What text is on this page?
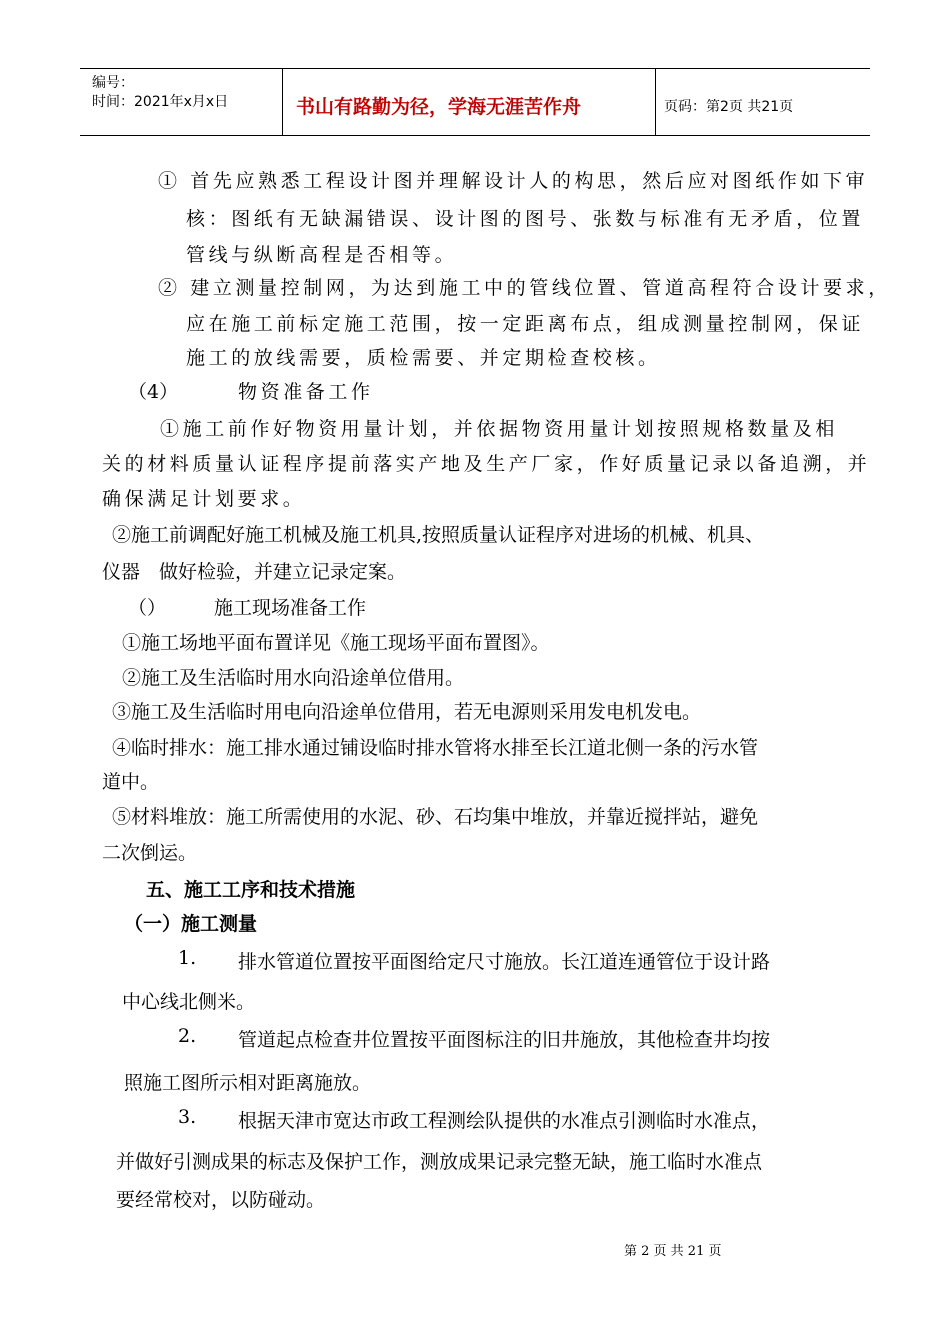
编号：
时间：2021年x月x日	书山有路勤为径，学海无涯苦作舟	页码：第2页 共21页
① 首先应熟悉工程设计图并理解设计人的构思，然后应对图纸作如下审
核：图纸有无缺漏错误、设计图的图号、张数与标准有无矛盾，位置
管线与纵断高程是否相等。
② 建立测量控制网，为达到施工中的管线位置、管道高程符合设计要求，
应在施工前标定施工范围，按一定距离布点，组成测量控制网，保证
施工的放线需要，质检需要、并定期检查校核。
（4）	物资准备工作
①施工前作好物资用量计划，并依据物资用量计划按照规格数量及相
关的材料质量认证程序提前落实产地及生产厂家，作好质量记录以备追溯，并
确保满足计划要求。
②施工前调配好施工机械及施工机具,按照质量认证程序对进场的机械、机具、
仪器　做好检验，并建立记录定案。
（）	施工现场准备工作
①施工场地平面布置详见《施工现场平面布置图》。
②施工及生活临时用水向沿途单位借用。
③施工及生活临时用电向沿途单位借用，若无电源则采用发电机发电。
④临时排水：施工排水通过铺设临时排水管将水排至长江道北侧一条的污水管
道中。
⑤材料堆放：施工所需使用的水泥、砂、石均集中堆放，并靠近搅拌站，避免
二次倒运。
五、施工工序和技术措施
（一）施工测量
1. 排水管道位置按平面图给定尺寸施放。长江道连通管位于设计路
中心线北侧米。
2. 管道起点检查井位置按平面图标注的旧井施放，其他检查井均按
照施工图所示相对距离施放。
3. 根据天津市宽达市政工程测绘队提供的水准点引测临时水准点，
并做好引测成果的标志及保护工作，测放成果记录完整无缺，施工临时水准点
要经常校对，以防碰动。
第 2 页 共 21 页
